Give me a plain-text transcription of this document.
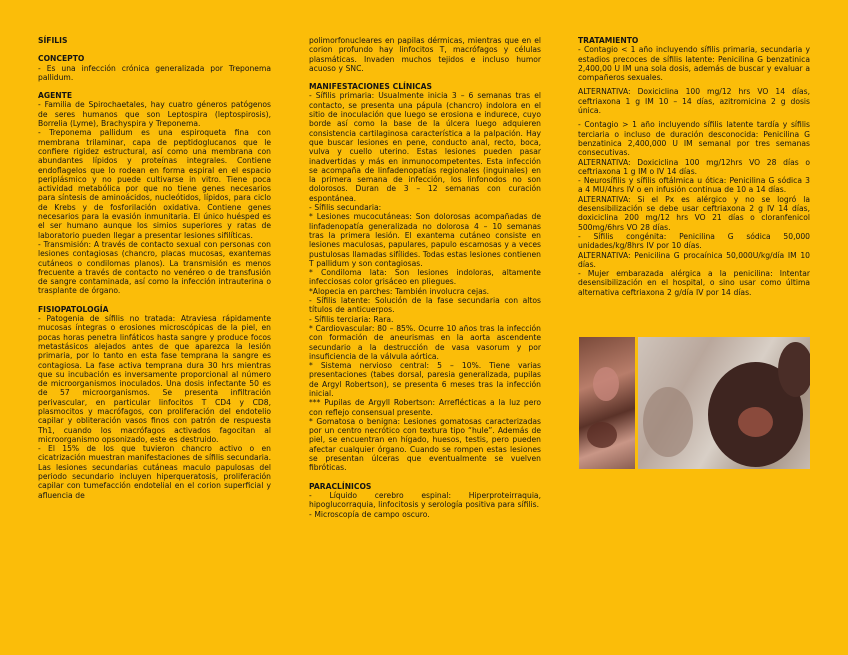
SÍFILIS
CONCEPTO
- Es una infección crónica generalizada por Treponema pallidum.
AGENTE
- Familia de Spirochaetales, hay cuatro géneros patógenos de seres humanos que son Leptospira (leptospirosis), Borrelia (Lyme), Brachyspira y Treponema.
- Treponema pallidum es una espiroqueta fina con membrana trilaminar, capa de peptidoglucanos que le confiere rigidez estructural, así como una membrana con abundantes lípidos y proteínas integrales. Contiene endoflagelos que lo rodean en forma espiral en el espacio periplásmico y no puede cultivarse in vitro. Tiene poca actividad metabólica por que no tiene genes necesarios para síntesis de aminoácidos, nucleótidos, lípidos, para ciclo de Krebs y de fosforilación oxidativa. Contiene genes necesarios para la evasión inmunitaria. El único huésped es el ser humano aunque los simios superiores y ratas de laboratorio pueden llegar a presentar lesiones sifilíticas.
- Transmisión: A través de contacto sexual con personas con lesiones contagiosas (chancro, placas mucosas, exantemas cutáneos o condilomas planos). La transmisión es menos frecuente a través de contacto no venéreo o de transfusión de sangre contaminada, así como la infección intrauterina o trasplante de órgano.
FISIOPATOLOGÍA
- Patogenia de sífilis no tratada: Atraviesa rápidamente mucosas íntegras o erosiones microscópicas de la piel, en pocas horas penetra linfáticos hasta sangre y produce focos metastásicos alejados antes de que aparezca la lesión primaria, por lo tanto en esta fase temprana la sangre es contagiosa. La fase activa temprana dura 30 hrs mientras que su incubación es inversamente proporcional al número de microorganismos inoculados. Una dosis infectante 50 es de 57 microorganismos. Se presenta infiltración perivascular, en particular linfocitos T CD4 y CD8, plasmocitos y macrófagos, con proliferación del endotelio capilar y obliteración vasos finos con patrón de respuesta Th1, cuando los macrófagos activados fagocitan al microorganismo opsonizado, este es destruido.
- El 15% de los que tuvieron chancro activo o en cicatrización muestran manifestaciones de sífilis secundaria. Las lesiones secundarias cutáneas maculo papulosas del periodo secundario incluyen hiperqueratosis, proliferación capilar con tumefacción endotelial en el corion superficial y afluencia de
polimorfonucleares en papilas dérmicas, mientras que en el corion profundo hay linfocitos T, macrófagos y células plasmáticas. Invaden muchos tejidos e incluso humor acuoso y SNC.
MANIFESTACIONES CLÍNICAS
- Sífilis primaria: Usualmente inicia 3 – 6 semanas tras el contacto, se presenta una pápula (chancro) indolora en el sitio de inoculación que luego se erosiona e indurece, cuyo borde así como la base de la úlcera luego adquieren consistencia cartilaginosa característica a la palpación. Hay que buscar lesiones en pene, conducto anal, recto, boca, vulva y cuello uterino. Estas lesiones pueden pasar inadvertidas y más en inmunocompetentes. Esta infección se acompaña de linfadenopatías regionales (inguinales) en la primera semana de infección, los linfonodos no son dolorosos. Duran de 3 – 12 semanas con curación espontánea.
- Sífilis secundaria:
* Lesiones mucocutáneas: Son dolorosas acompañadas de linfadenopatía generalizada no dolorosa 4 – 10 semanas tras la primera lesión. El exantema cutáneo consiste en lesiones maculosas, papulares, papulo escamosas y a veces pustulosas llamadas sifílides. Todas estas lesiones contienen T pallidum y son contagiosas.
* Condiloma lata: Son lesiones indoloras, altamente infecciosas color grisáceo en pliegues.
*Alopecia en parches: También involucra cejas.
- Sífilis latente: Solución de la fase secundaria con altos títulos de anticuerpos.
- Sífilis terciaria: Rara.
* Cardiovascular: 80 – 85%. Ocurre 10 años tras la infección con formación de aneurismas en la aorta ascendente secundario a la destrucción de vasa vasorum y por insuficiencia de la válvula aórtica.
* Sistema nervioso central: 5 – 10%. Tiene varias presentaciones (tabes dorsal, paresia generalizada, pupilas de Argyl Robertson), se presenta 6 meses tras la infección inicial.
*** Pupilas de Argyll Robertson: Arreflécticas a la luz pero con reflejo consensual presente.
* Gomatosa o benigna: Lesiones gomatosas caracterizadas por un centro necrótico con textura tipo “hule”. Además de piel, se encuentran en hígado, huesos, testis, pero pueden afectar cualquier órgano. Cuando se rompen estas lesiones se presentan úlceras que eventualmente se vuelven fibróticas.
PARACLÍNICOS
- Líquido cerebro espinal: Hiperproteirraquia, hipoglucorraquia, linfocitosis y serología positiva para sífilis.
- Microscopía de campo oscuro.
TRATAMIENTO
- Contagio < 1 año incluyendo sífilis primaria, secundaria y estadios precoces de sífilis latente: Penicilina G benzatinica 2,400,00 U IM una sola dosis, además de buscar y evaluar a compañeros sexuales.
ALTERNATIVA: Doxiciclina 100 mg/12 hrs VO 14 días, ceftriaxona 1 g IM 10 – 14 días, azitromicina 2 g dosis única.
- Contagio > 1 año incluyendo sífilis latente tardía y sífilis terciaria o incluso de duración desconocida: Penicilina G benzatinica 2,400,000 U IM semanal por tres semanas consecutivas.
ALTERNATIVA: Doxiciclina 100 mg/12hrs VO 28 días o ceftriaxona 1 g IM o IV 14 días.
- Neurosífilis y sífilis oftálmica u ótica: Penicilina G sódica 3 a 4 MU/4hrs IV o en infusión continua de 10 a 14 días.
ALTERNATIVA: Si el Px es alérgico y no se logró la desensibilización se debe usar ceftriaxona 2 g IV 14 días, doxiciclina 200 mg/12 hrs VO 21 días o cloranfenicol 500mg/6hrs VO 28 días.
- Sífilis congénita: Penicilina G sódica 50,000 unidades/kg/8hrs IV por 10 días.
ALTERNATIVA: Penicilina G procaínica 50,000U/kg/día IM 10 días.
- Mujer embarazada alérgica a la penicilina: Intentar desensibilización en el hospital, o sino usar como última alternativa ceftriaxona 2 g/día IV por 14 días.
